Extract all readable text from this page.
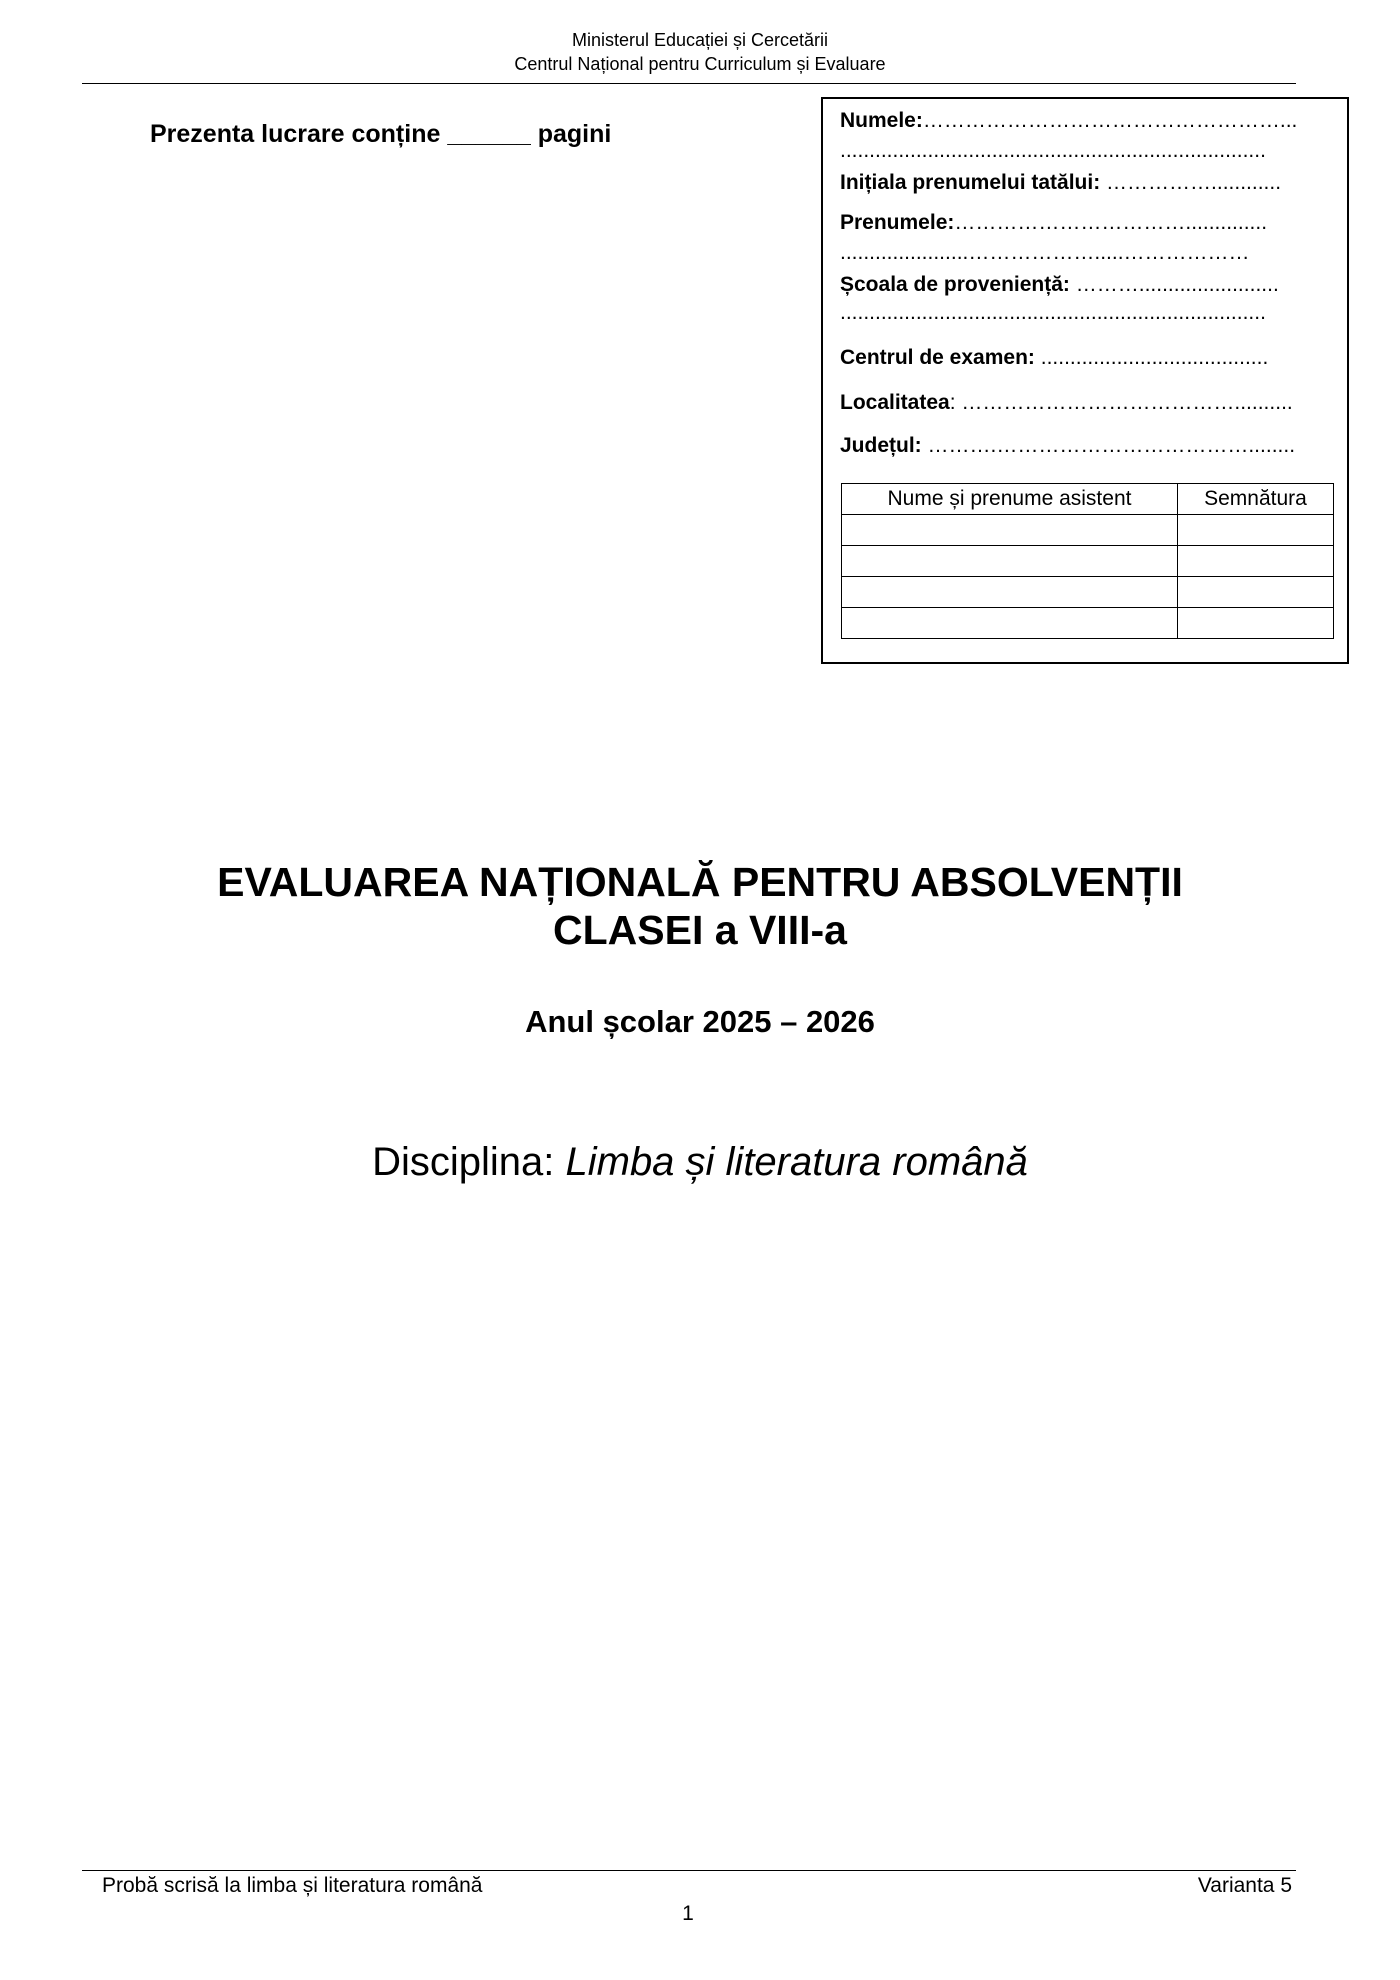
Ministerul Educației și Cercetării
Centrul Național pentru Curriculum și Evaluare
Prezenta lucrare conține ______ pagini	Numele:……………………………………………...
.........................................................................
Inițiala prenumelui tatălui: ……………............
Prenumele:……………………………..............
......................……………….....………………
Școala de proveniență: ………........................
.........................................................................
Centrul de examen: .......................................
Localitatea: …………………………………..........
Județul: ……….………………………………........
Nume și prenume asistent	Semnătura

EVALUAREA NAȚIONALĂ PENTRU ABSOLVENȚII
CLASEI a VIII-a
Anul școlar 2025 – 2026
Disciplina: Limba și literatura română
Probă scrisă la limba și literatura română	Varianta 5
1
